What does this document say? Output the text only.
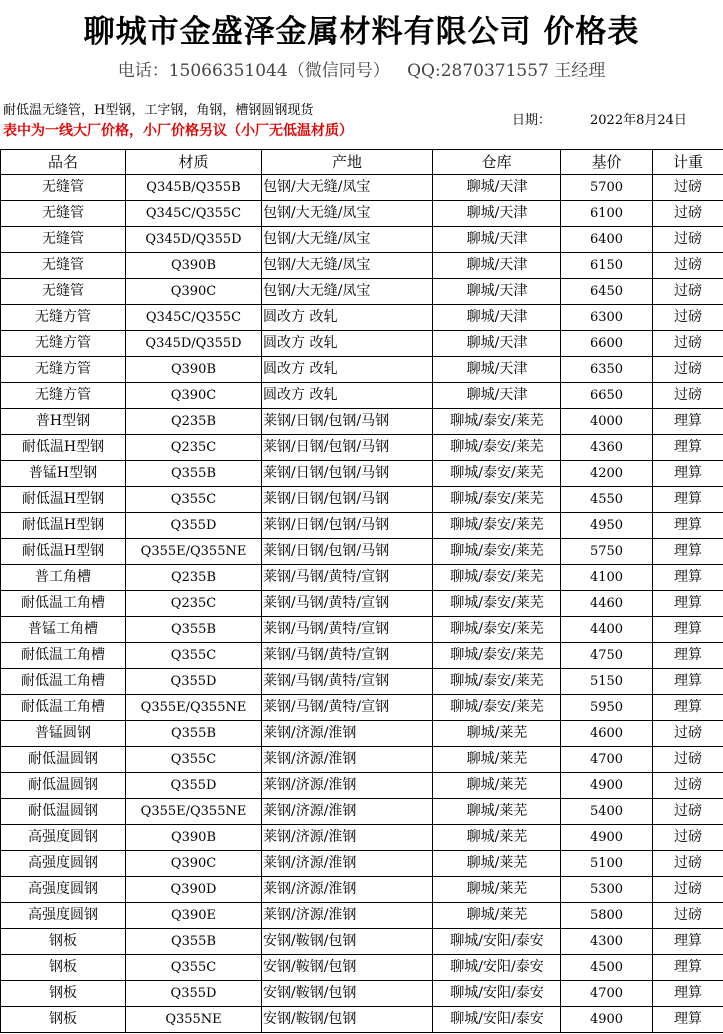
聊城市金盛泽金属材料有限公司 价格表
电话：15066351044（微信同号） QQ:2870371557 王经理
耐低温无缝管，H型钢，工字钢，角钢，槽钢圆钢现货
表中为一线大厂价格，小厂价格另议（小厂无低温材质）
日期：	2022年8月24日
品名	材质	产地	仓库	基价	计重
无缝管	Q345B/Q355B	包钢/大无缝/凤宝	聊城/天津	5700	过磅
无缝管	Q345C/Q355C	包钢/大无缝/凤宝	聊城/天津	6100	过磅
无缝管	Q345D/Q355D	包钢/大无缝/凤宝	聊城/天津	6400	过磅
无缝管	Q390B	包钢/大无缝/凤宝	聊城/天津	6150	过磅
无缝管	Q390C	包钢/大无缝/凤宝	聊城/天津	6450	过磅
无缝方管	Q345C/Q355C	圆改方 改轧	聊城/天津	6300	过磅
无缝方管	Q345D/Q355D	圆改方 改轧	聊城/天津	6600	过磅
无缝方管	Q390B	圆改方 改轧	聊城/天津	6350	过磅
无缝方管	Q390C	圆改方 改轧	聊城/天津	6650	过磅
普H型钢	Q235B	莱钢/日钢/包钢/马钢	聊城/泰安/莱芜	4000	理算
耐低温H型钢	Q235C	莱钢/日钢/包钢/马钢	聊城/泰安/莱芜	4360	理算
普锰H型钢	Q355B	莱钢/日钢/包钢/马钢	聊城/泰安/莱芜	4200	理算
耐低温H型钢	Q355C	莱钢/日钢/包钢/马钢	聊城/泰安/莱芜	4550	理算
耐低温H型钢	Q355D	莱钢/日钢/包钢/马钢	聊城/泰安/莱芜	4950	理算
耐低温H型钢	Q355E/Q355NE	莱钢/日钢/包钢/马钢	聊城/泰安/莱芜	5750	理算
普工角槽	Q235B	莱钢/马钢/黄特/宣钢	聊城/泰安/莱芜	4100	理算
耐低温工角槽	Q235C	莱钢/马钢/黄特/宣钢	聊城/泰安/莱芜	4460	理算
普锰工角槽	Q355B	莱钢/马钢/黄特/宣钢	聊城/泰安/莱芜	4400	理算
耐低温工角槽	Q355C	莱钢/马钢/黄特/宣钢	聊城/泰安/莱芜	4750	理算
耐低温工角槽	Q355D	莱钢/马钢/黄特/宣钢	聊城/泰安/莱芜	5150	理算
耐低温工角槽	Q355E/Q355NE	莱钢/马钢/黄特/宣钢	聊城/泰安/莱芜	5950	理算
普锰圆钢	Q355B	莱钢/济源/淮钢	聊城/莱芜	4600	过磅
耐低温圆钢	Q355C	莱钢/济源/淮钢	聊城/莱芜	4700	过磅
耐低温圆钢	Q355D	莱钢/济源/淮钢	聊城/莱芜	4900	过磅
耐低温圆钢	Q355E/Q355NE	莱钢/济源/淮钢	聊城/莱芜	5400	过磅
高强度圆钢	Q390B	莱钢/济源/淮钢	聊城/莱芜	4900	过磅
高强度圆钢	Q390C	莱钢/济源/淮钢	聊城/莱芜	5100	过磅
高强度圆钢	Q390D	莱钢/济源/淮钢	聊城/莱芜	5300	过磅
高强度圆钢	Q390E	莱钢/济源/淮钢	聊城/莱芜	5800	过磅
钢板	Q355B	安钢/鞍钢/包钢	聊城/安阳/泰安	4300	理算
钢板	Q355C	安钢/鞍钢/包钢	聊城/安阳/泰安	4500	理算
钢板	Q355D	安钢/鞍钢/包钢	聊城/安阳/泰安	4700	理算
钢板	Q355NE	安钢/鞍钢/包钢	聊城/安阳/泰安	4900	理算
